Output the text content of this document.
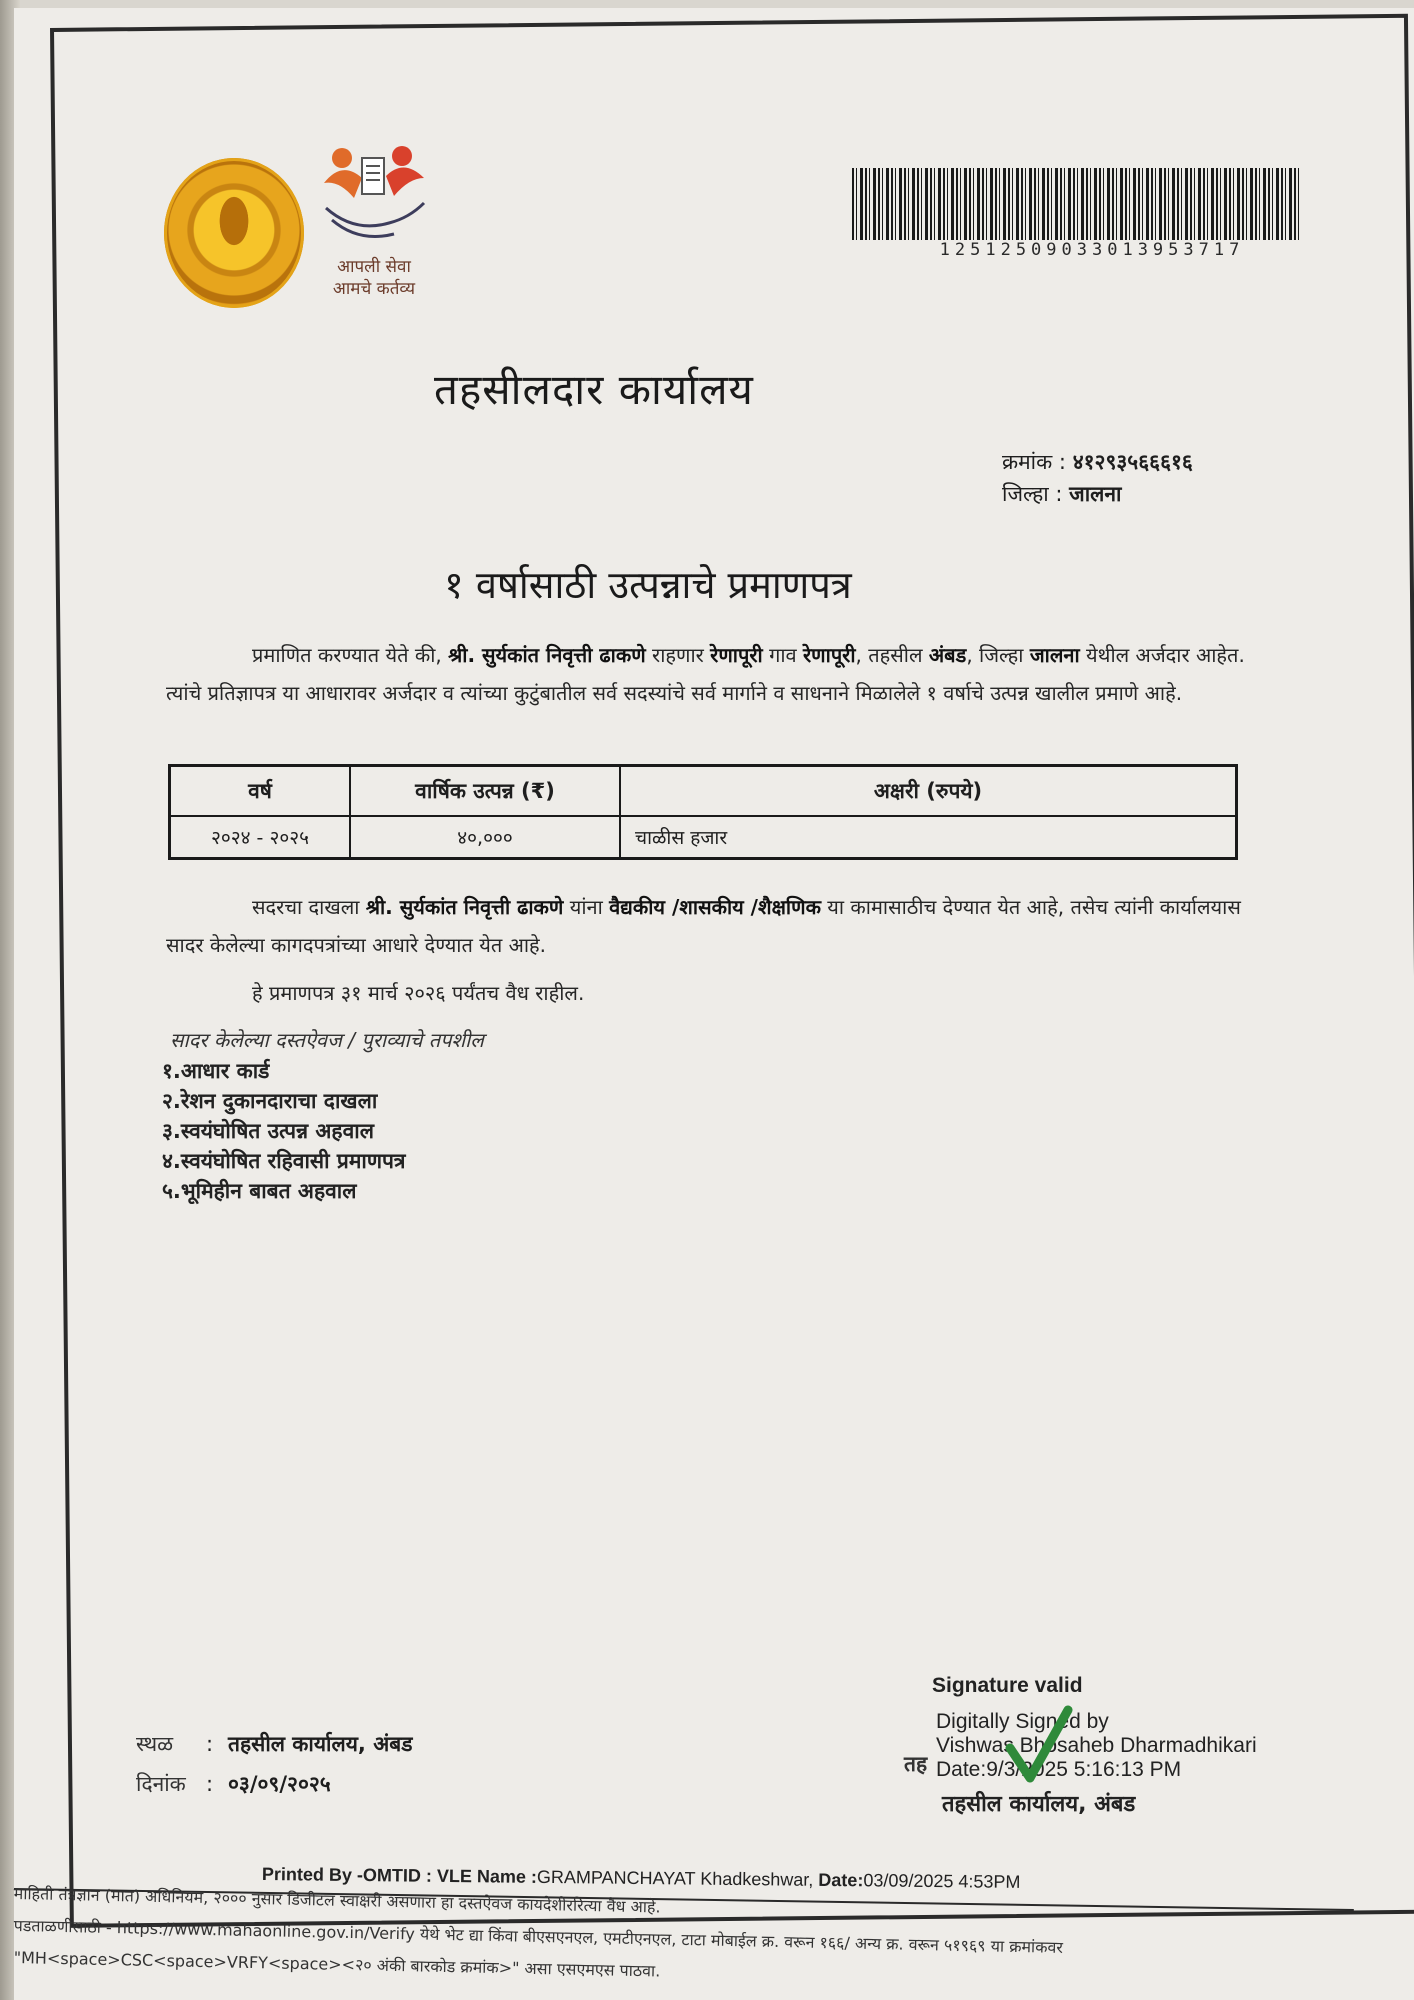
आपली सेवा
आमचे कर्तव्य
12512509033013953717
तहसीलदार कार्यालय
क्रमांक : ४१२९३५६६६१६
जिल्हा : जालना
१ वर्षासाठी उत्पन्नाचे प्रमाणपत्र
प्रमाणित करण्यात येते की, श्री. सुर्यकांत निवृत्ती ढाकणे राहणार रेणापूरी गाव रेणापूरी, तहसील अंबड, जिल्हा जालना येथील अर्जदार आहेत. त्यांचे प्रतिज्ञापत्र या आधारावर अर्जदार व त्यांच्या कुटुंबातील सर्व सदस्यांचे सर्व मार्गाने व साधनाने मिळालेले १ वर्षाचे उत्पन्न खालील प्रमाणे आहे.
वर्ष	वार्षिक उत्पन्न (₹)	अक्षरी (रुपये)
२०२४ - २०२५	४०,०००	चाळीस हजार
सदरचा दाखला श्री. सुर्यकांत निवृत्ती ढाकणे यांना वैद्यकीय /शासकीय /शैक्षणिक या कामासाठीच देण्यात येत आहे, तसेच त्यांनी कार्यालयास सादर केलेल्या कागदपत्रांच्या आधारे देण्यात येत आहे.
हे प्रमाणपत्र ३१ मार्च २०२६ पर्यंतच वैध राहील.
सादर केलेल्या दस्तऐवज / पुराव्याचे तपशील
१.आधार कार्ड
२.रेशन दुकानदाराचा दाखला
३.स्वयंघोषित उत्पन्न अहवाल
४.स्वयंघोषित रहिवासी प्रमाणपत्र
५.भूमिहीन बाबत अहवाल
स्थळ : तहसील कार्यालय, अंबड
दिनांक : ०३/०९/२०२५
Signature valid
Digitally Signed by
Vishwas Bhosaheb Dharmadhikari
Date:9/3/2025 5:16:13 PM
तह
तहसील कार्यालय, अंबड
Printed By -OMTID : VLE Name :GRAMPANCHAYAT Khadkeshwar, Date:03/09/2025 4:53PM
माहिती तंत्रज्ञान (मात) अधिनियम, २००० नुसार डिजीटल स्वाक्षरी असणारा हा दस्तऐवज कायदेशीररित्या वैध आहे.
पडताळणीसाठी - https://www.mahaonline.gov.in/Verify येथे भेट द्या किंवा बीएसएनएल, एमटीएनएल, टाटा मोबाईल क्र. वरून १६६/ अन्य क्र. वरून ५१९६९ या क्रमांकवर
"MH<space>CSC<space>VRFY<space><२० अंकी बारकोड क्रमांक>" असा एसएमएस पाठवा.
